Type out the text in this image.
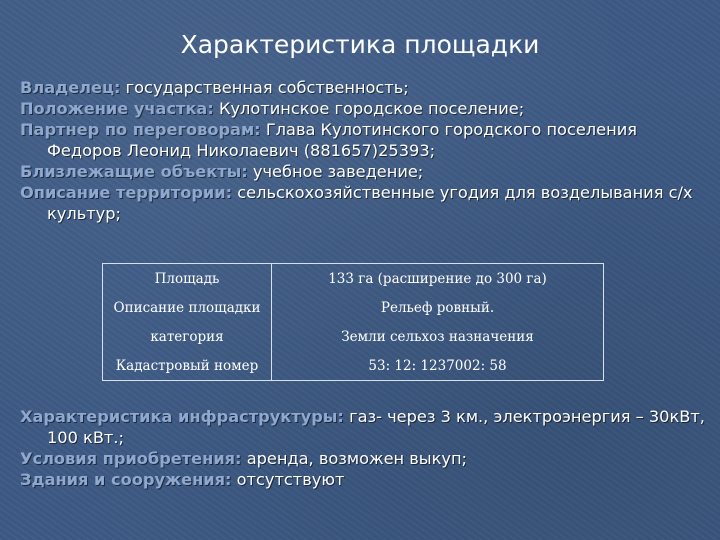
Характеристика площадки

Владелец: государственная собственность;

Положение участка: Кулотинское городское поселение;

Партнер по переговорам: Глава Кулотинского городского поселения Федоров Леонид Николаевич (881657)25393;

Близлежащие объекты: учебное заведение;

Описание территории: сельскохозяйственные угодия для возделывания с/х культур;

Площадь	133 га (расширение до 300 га)
Описание площадки	Рельеф ровный.
категория	Земли сельхоз назначения
Кадастровый номер	53: 12: 1237002: 58

Характеристика инфраструктуры: газ- через 3 км., электроэнергия – 30кВт, 100 кВт.;

Условия приобретения: аренда, возможен выкуп;

Здания и сооружения: отсутствуют
